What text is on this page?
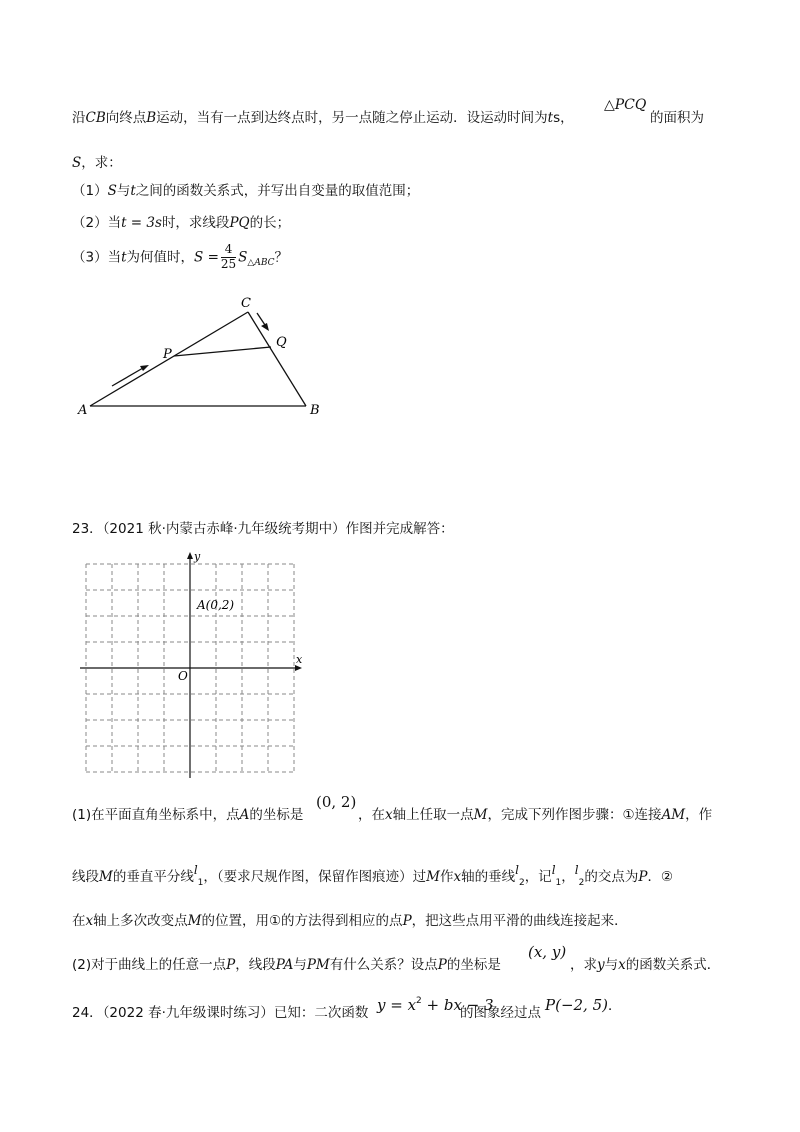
沿CB向终点B运动，当有一点到达终点时，另一点随之停止运动．设运动时间为ts，
△PCQ
的面积为
S，求：
（1）S与t之间的函数关系式，并写出自变量的取值范围；
（2）当t = 3s时，求线段PQ的长；
（3）当t为何值时，$S = \frac{4}{25} S_{\triangle ABC}$？
A	B
C
P
Q
23．（2021 秋·内蒙古赤峰·九年级统考期中）作图并完成解答：
y
x
O
A(0,2)
(1)在平面直角坐标系中，点A的坐标是
(0, 2)
，在x轴上任取一点M，完成下列作图步骤：①连接AM，作
线段M的垂直平分线$l_1$，（要求尺规作图，保留作图痕迹）过M作x轴的垂线$l_2$，记$l_1$，$l_2$的交点为P．②
在x轴上多次改变点M的位置，用①的方法得到相应的点P，把这些点用平滑的曲线连接起来．
(2)对于曲线上的任意一点P，线段PA与PM有什么关系？设点P的坐标是
(x, y)
，求y与x的函数关系式．
24．（2022 春·九年级课时练习）已知：二次函数 $y = x^2$ + bx − 3
的图象经过点 P(−2, 5)．
